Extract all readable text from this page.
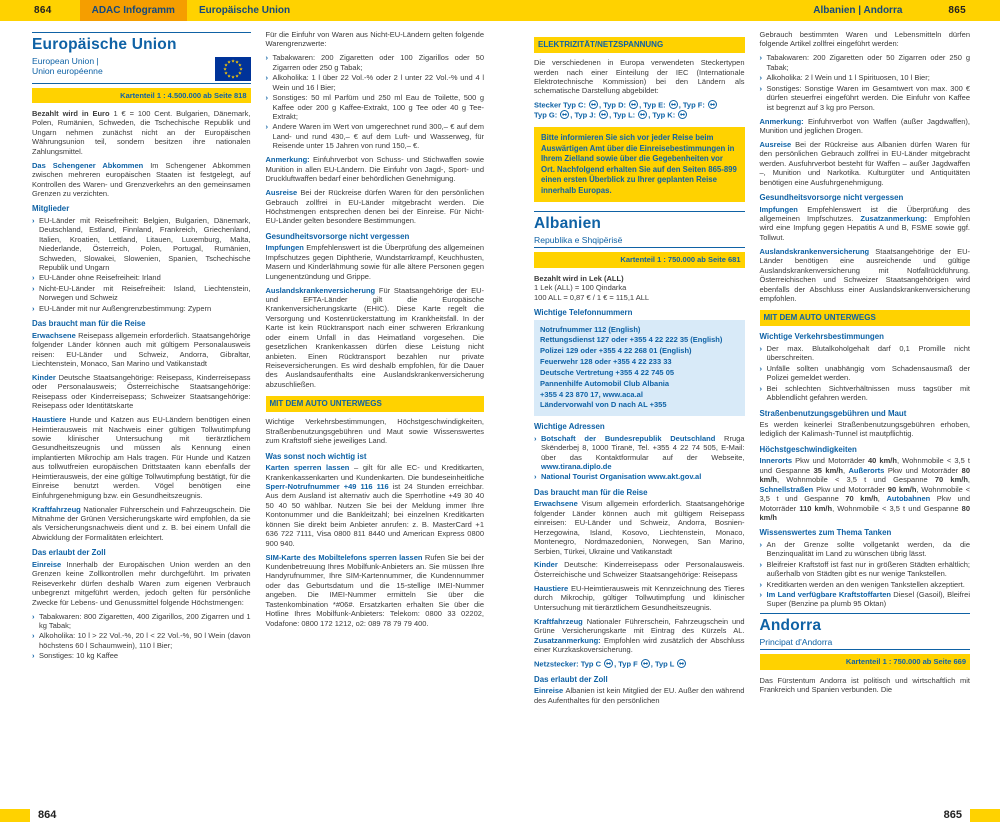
864	ADAC Infogramm	Europäische Union
Europäische Union
European Union |
Union européenne
★ ★
★
★
★
★
★
★
★
★
★
★
Kartenteil 1 : 4.500.000 ab Seite 818

Bezahlt wird in Euro 1 € = 100 Cent. Bulgarien, Dänemark, Polen, Rumänien, Schweden, die Tschechische Republik und Ungarn nehmen zunächst nicht an der Europäischen Währungsunion teil, sondern besitzen ihre nationalen Zahlungsmittel.

Das Schengener Abkommen Im Schengener Abkommen zwischen mehreren europäischen Staaten ist festgelegt, auf Kontrollen des Waren- und Grenzverkehrs an den gemeinsamen Grenzen zu verzichten.

Mitglieder
› EU-Länder mit Reisefreiheit: Belgien, Bulgarien, Dänemark, Deutschland, Estland, Finnland, Frankreich, Griechenland, Italien, Kroatien, Lettland, Litauen, Luxemburg, Malta, Niederlande, Österreich, Polen, Portugal, Rumänien, Schweden, Slowakei, Slowenien, Spanien, Tschechische Republik und Ungarn
› EU-Länder ohne Reisefreiheit: Irland
› Nicht-EU-Länder mit Reisefreiheit: Island, Liechtenstein, Norwegen und Schweiz
› EU-Länder mit nur Außengrenzbestimmung: Zypern
Das braucht man für die Reise

Erwachsene Reisepass allgemein erforderlich. Staatsangehörige folgender Länder können auch mit gültigem Personalausweis reisen: EU-Länder und Schweiz, Andorra, Gibraltar, Liechtenstein, Monaco, San Marino und Vatikanstadt

Kinder Deutsche Staatsangehörige: Reisepass, Kinderreisepass oder Personalausweis; Österreichische Staatsangehörige: Reisepass oder Kinderreisepass; Schweizer Staatsangehörige: Reisepass oder Identitätskarte

Haustiere Hunde und Katzen aus EU-Ländern benötigen einen Heimtierausweis mit Nachweis einer gültigen Tollwutimpfung sowie klinischer Untersuchung mit tierärztlichem Gesundheitszeugnis und müssen als Kennung einen implantierten Mikrochip am Hals tragen. Für Hunde und Katzen aus tollwutfreien europäischen Drittstaaten kann ebenfalls der Heimtierausweis, der eine gültige Tollwutimpfung bestätigt, für die Einreise benutzt werden. Vögel benötigen eine Einfuhrgenehmigung bzw. ein Gesundheitszeugnis.

Kraftfahrzeug Nationaler Führerschein und Fahrzeugschein. Die Mitnahme der Grünen Versicherungskarte wird empfohlen, da sie als Versicherungsnachweis dient und z. B. bei einem Unfall die Abwicklung der Formalitäten erleichtert.

Das erlaubt der Zoll

Einreise Innerhalb der Europäischen Union werden an den Grenzen keine Zollkontrollen mehr durchgeführt. Im privaten Reiseverkehr dürfen deshalb Waren zum eigenen Verbrauch unbegrenzt mitgeführt werden, jedoch gelten für persönliche Zwecke für Lebens- und Genussmittel folgende Höchstmengen:

› Tabakwaren: 800 Zigaretten, 400 Zigarillos, 200 Zigarren und 1 kg Tabak;
› Alkoholika: 10 l > 22 Vol.-%, 20 l < 22 Vol.-%, 90 l Wein (davon höchstens 60 l Schaumwein), 110 l Bier;
› Sonstiges: 10 kg Kaffee

Für die Einfuhr von Waren aus Nicht-EU-Ländern gelten folgende Warengrenzwerte:

› Tabakwaren: 200 Zigaretten oder 100 Zigarillos oder 50 Zigarren oder 250 g Tabak;
› Alkoholika: 1 l über 22 Vol.-% oder 2 l unter 22 Vol.-% und 4 l Wein und 16 l Bier;
› Sonstiges: 50 ml Parfüm und 250 ml Eau de Toilette, 500 g Kaffee oder 200 g Kaffee-Extrakt, 100 g Tee oder 40 g Tee-Extrakt;
› Andere Waren im Wert von umgerechnet rund 300,– € auf dem Land- und rund 430,– € auf dem Luft- und Wasserweg, für Reisende unter 15 Jahren von rund 150,– €.

Anmerkung: Einfuhrverbot von Schuss- und Stichwaffen sowie Munition in allen EU-Ländern. Die Einfuhr von Jagd-, Sport- und Druckluftwaffen bedarf einer behördlichen Genehmigung.

Ausreise Bei der Rückreise dürfen Waren für den persönlichen Gebrauch zollfrei in EU-Länder mitgebracht werden. Die Höchstmengen entsprechen denen bei der Einreise. Für Nicht-EU-Länder gelten besondere Bestimmungen.

Gesundheitsvorsorge nicht vergessen

Impfungen Empfehlenswert ist die Überprüfung des allgemeinen Impfschutzes gegen Diphtherie, Wundstarrkrampf, Keuchhusten, Masern und Kinderlähmung sowie für alle ältere Personen gegen Lungenentzündung und Grippe.

Auslandskrankenversicherung Für Staatsangehörige der EU- und EFTA-Länder gilt die Europäische Krankenversicherungskarte (EHIC). Diese Karte regelt die Versorgung und Kostenrückerstattung im Krankheitsfall. In der Karte ist kein Rücktransport nach einer schweren Erkrankung oder einem Unfall in das Heimatland vorgesehen. Die gesetzlichen Krankenkassen dürfen diese Leistung nicht anbieten. Einen Rücktransport bezahlen nur private Reiseversicherungen. Es wird deshalb empfohlen, für die Dauer des Auslandsaufenthalts eine Auslandskrankenversicherung abzuschließen.

MIT DEM AUTO UNTERWEGS

Wichtige Verkehrsbestimmungen, Höchstgeschwindigkeiten, Straßenbenutzungsgebühren und Maut sowie Wissenswertes zum Kraftstoff siehe jeweiliges Land.

Was sonst noch wichtig ist

Karten sperren lassen – gilt für alle EC- und Kreditkarten, Krankenkassenkarten und Kundenkarten. Die bundeseinheitliche Sperr-Notrufnummer +49 116 116 ist 24 Stunden erreichbar. Aus dem Ausland ist alternativ auch die Sperrhotline +49 30 40 50 40 50 wählbar. Nutzen Sie bei der Meldung immer Ihre Kontonummer und die Bankleitzahl; bei einzelnen Kreditkarten können Sie direkt beim Anbieter anrufen: z. B. MasterCard +1 636 722 7111, Visa 0800 811 8440 und American Express 0800 900 940.

SIM-Karte des Mobiltelefons sperren lassen Rufen Sie bei der Kundenbetreuung Ihres Mobilfunk-Anbieters an. Sie müssen Ihre Handyrufnummer, Ihre SIM-Kartennummer, die Kundennummer oder das Geburtsdatum und die 15-stellige IMEI-Nummer angeben. Die IMEI-Nummer ermitteln Sie über die Tastenkombination *#06#. Ersatzkarten erhalten Sie über die Hotline Ihres Mobilfunk-Anbieters: Telekom: 0800 33 02202, Vodafone: 0800 172 1212, o2: 089 78 79 79 400.

864
Albanien | Andorra	865
ELEKTRIZITÄT/NETZSPANNUNG

Die verschiedenen in Europa verwendeten Steckertypen werden nach einer Einteilung der IEC (Internationale Elektrotechnische Kommission) bei den Ländern als schematische Darstellung abgebildet:

Stecker Typ C: , Typ D: , Typ E: , Typ F:
Typ G: , Typ J: , Typ L: , Typ K:

Bitte informieren Sie sich vor jeder Reise beim Auswärtigen Amt über die Einreisebestimmungen in Ihrem Zielland sowie über die Gegebenheiten vor Ort. Nachfolgend erhalten Sie auf den Seiten 865-899 einen ersten Überblick zu Ihrer geplanten Reise innerhalb Europas.
Albanien
Republika e Shqipërisë
Kartenteil 1 : 750.000 ab Seite 681

Bezahlt wird in Lek (ALL)
1 Lek (ALL) = 100 Qindarka
100 ALL = 0,87 € / 1 € = 115,1 ALL

Wichtige Telefonnummern
Notrufnummer 112 (English)
Rettungsdienst 127 oder +355 4 22 222 35 (English)
Polizei 129 oder +355 4 22 268 01 (English)
Feuerwehr 128 oder +355 4 22 233 33
Deutsche Vertretung +355 4 22 745 05
Pannenhilfe Automobil Club Albania
+355 4 23 870 17, www.aca.al
Ländervorwahl von D nach AL +355
Wichtige Adressen
› Botschaft der Bundesrepublik Deutschland Rruga Skënderbej 8, 1000 Tiranë, Tel. +355 4 22 74 505, E-Mail: über das Kontaktformular auf der Webseite, www.tirana.diplo.de
› National Tourist Organisation www.akt.gov.al
Das braucht man für die Reise

Erwachsene Visum allgemein erforderlich. Staatsangehörige folgender Länder können auch mit gültigem Reisepass einreisen: EU-Länder und Schweiz, Andorra, Bosnien-Herzegowina, Island, Kosovo, Liechtenstein, Monaco, Montenegro, Nordmazedonien, Norwegen, San Marino, Serbien, Türkei, Ukraine und Vatikanstadt

Kinder Deutsche: Kinderreisepass oder Personalausweis. Österreichische und Schweizer Staatsangehörige: Reisepass

Haustiere EU-Heimtierausweis mit Kennzeichnung des Tieres durch Mikrochip, gültiger Tollwutimpfung und klinischer Untersuchung mit tierärztlichem Gesundheitszeugnis.

Kraftfahrzeug Nationaler Führerschein, Fahrzeugschein und Grüne Versicherungskarte mit Eintrag des Kürzels AL. Zusatzanmerkung: Empfohlen wird zusätzlich der Abschluss einer Kurzkaskoversicherung.

Netzstecker: Typ C , Typ F , Typ L

Das erlaubt der Zoll

Einreise Albanien ist kein Mitglied der EU. Außer den während des Aufenthaltes für den persönlichen

Gebrauch bestimmten Waren und Lebensmitteln dürfen folgende Artikel zollfrei eingeführt werden:

› Tabakwaren: 200 Zigaretten oder 50 Zigarren oder 250 g Tabak;
› Alkoholika: 2 l Wein und 1 l Spirituosen, 10 l Bier;
› Sonstiges: Sonstige Waren im Gesamtwert von max. 300 € dürfen steuerfrei eingeführt werden. Die Einfuhr von Kaffee ist begrenzt auf 3 kg pro Person.

Anmerkung: Einfuhrverbot von Waffen (außer Jagdwaffen), Munition und jeglichen Drogen.

Ausreise Bei der Rückreise aus Albanien dürfen Waren für den persönlichen Gebrauch zollfrei in EU-Länder mitgebracht werden. Ausfuhrverbot besteht für Waffen – außer Jagdwaffen –, Munition und Narkotika. Kulturgüter und Antiquitäten benötigen eine Ausfuhrgenehmigung.

Gesundheitsvorsorge nicht vergessen

Impfungen Empfehlenswert ist die Überprüfung des allgemeinen Impfschutzes. Zusatzanmerkung: Empfohlen wird eine Impfung gegen Hepatitis A und B, FSME sowie ggf. Tollwut.

Auslandskrankenversicherung Staatsangehörige der EU-Länder benötigen eine ausreichende und gültige Auslandskrankenversicherung mit Notfallrückführung. Österreichischen und Schweizer Staatsangehörigen wird ebenfalls der Abschluss einer Auslandskrankenversicherung empfohlen.

MIT DEM AUTO UNTERWEGS
Wichtige Verkehrsbestimmungen
› Der max. Blutalkoholgehalt darf 0,1 Promille nicht überschreiten.
› Unfälle sollten unabhängig vom Schadensausmaß der Polizei gemeldet werden.
› Bei schlechten Sichtverhältnissen muss tagsüber mit Abblendlicht gefahren werden.
Straßenbenutzungsgebühren und Maut

Es werden keinerlei Straßenbenutzungsgebühren erhoben, lediglich der Kalimash-Tunnel ist mautpflichtig.

Höchstgeschwindigkeiten

Innerorts Pkw und Motorräder 40 km/h, Wohnmobile < 3,5 t und Gespanne 35 km/h, Außerorts Pkw und Motorräder 80 km/h, Wohnmobile < 3,5 t und Gespanne 70 km/h, Schnellstraßen Pkw und Motorräder 90 km/h, Wohnmobile < 3,5 t und Gespanne 70 km/h, Autobahnen Pkw und Motorräder 110 km/h, Wohnmobile < 3,5 t und Gespanne 80 km/h

Wissenswertes zum Thema Tanken
› An der Grenze sollte vollgetankt werden, da die Benzinqualität im Land zu wünschen übrig lässt.
› Bleifreier Kraftstoff ist fast nur in größeren Städten erhältlich; außerhalb von Städten gibt es nur wenige Tankstellen.
› Kreditkarten werden an den wenigen Tankstellen akzeptiert.
› Im Land verfügbare Kraftstoffarten Diesel (Gasoil), Bleifrei Super (Benzine pa plumb 95 Oktan)
Andorra
Principat d'Andorra
Kartenteil 1 : 750.000 ab Seite 669

Das Fürstentum Andorra ist politisch und wirtschaftlich mit Frankreich und Spanien verbunden. Die

865
